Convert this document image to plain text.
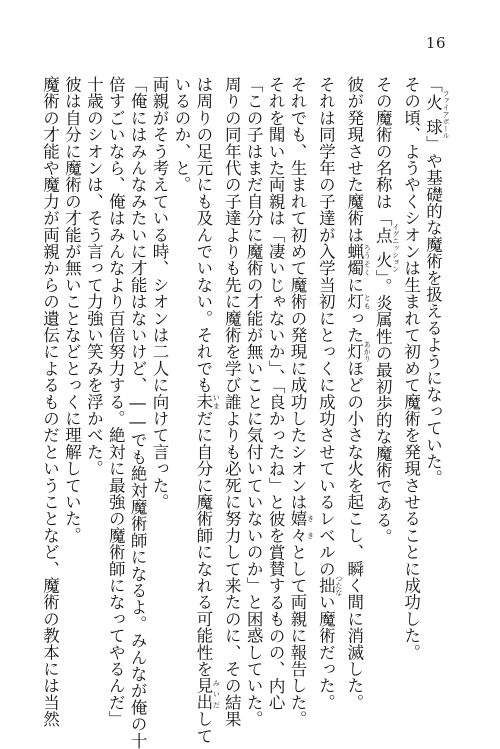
16
「火球 ファイアボール」や基礎的な魔術を扱えるようになっていた。
その頃、ようやくシオンは生まれて初めて魔術を発現させることに成功した。
その魔術の名称は「点火 イグニッション」。炎属性の最初歩的な魔術である。
彼が発現させた魔術は蝋燭 ろうそくに灯 ともった灯 あかりほどの小さな火を起こし、瞬く間に消滅した。
それは同学年の子達が入学当初にとっくに成功させているレベルの拙 つたない魔術だった。
それでも、生まれて初めて魔術の発現に成功したシオンは嬉々 ききとして両親に報告した。
それを聞いた両親は「凄いじゃないか」、「良かったね」と彼を賞賛するものの、内心
「この子はまだ自分に魔術の才能が無いことに気付いていないのか」と困惑していた。
周りの同年代の子達よりも先に魔術を学び誰よりも必死に努力して来たのに、その結果
は周りの足元にも及んでいない。それでも未 いまだに自分に魔術師になれる可能性を見出 みいだして
いるのか、と。
両親がそう考えている時、シオンは二人に向けて言った。
「俺にはみんなみたいに才能はないけど、――でも絶対魔術師になるよ。みんなが俺の十
倍すごいなら、俺はみんなより百倍努力する。絶対に最強の魔術師になってやるんだ」
十歳のシオンは、そう言って力強い笑みを浮かべた。
彼は自分に魔術の才能が無いことなどとっくに理解していた。
魔術の才能や魔力が両親からの遺伝によるものだということなど、魔術の教本には当然
